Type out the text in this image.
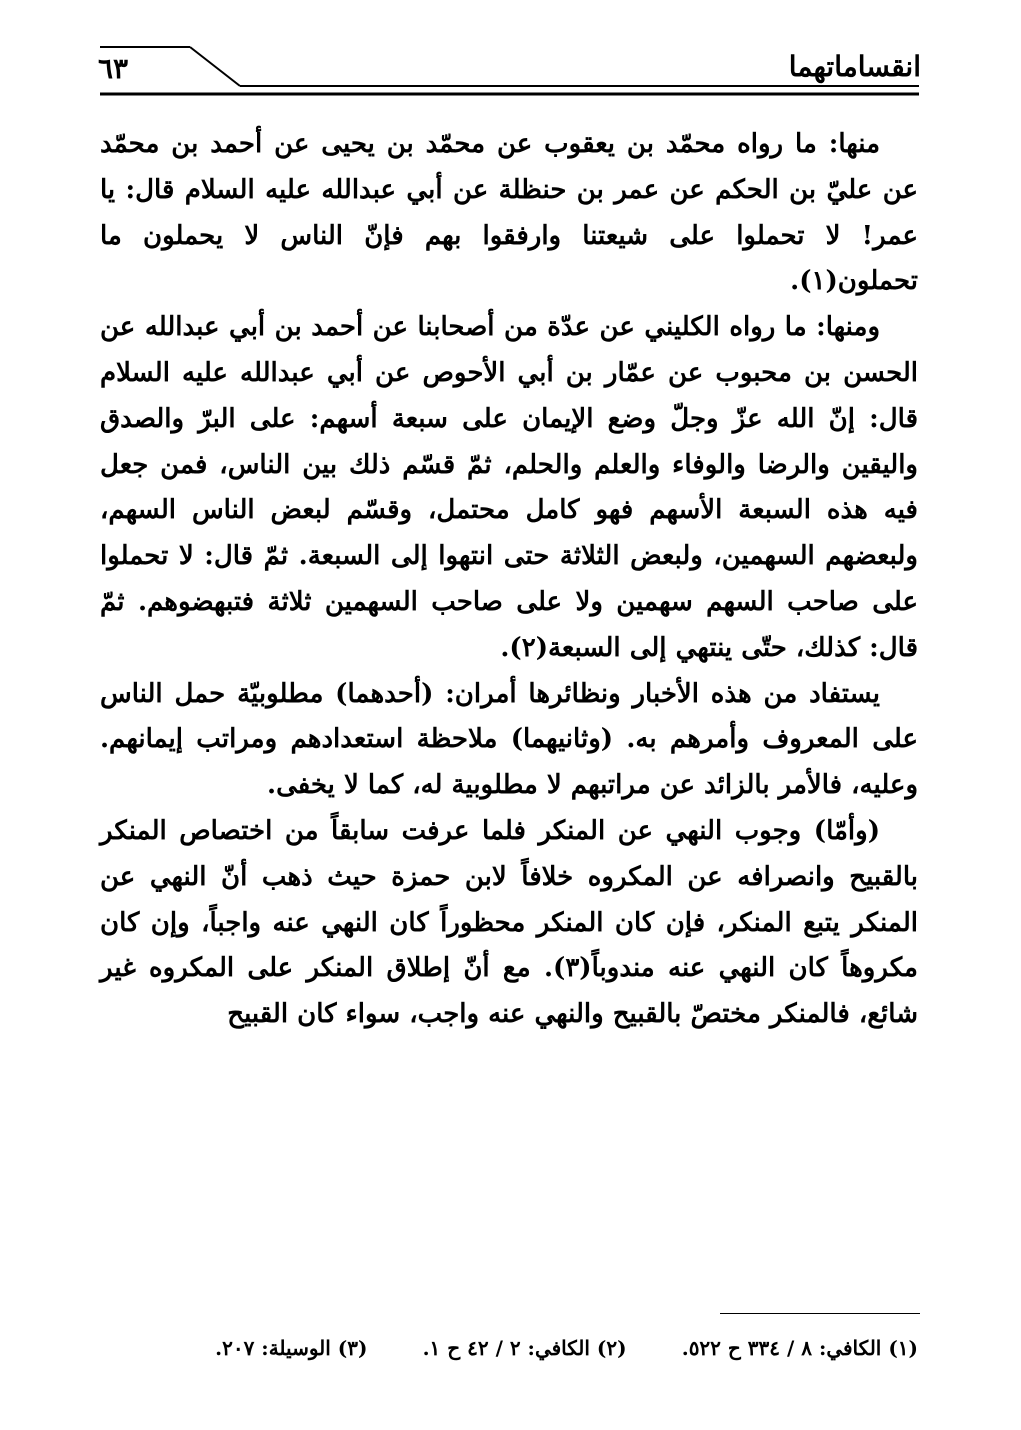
٦٣	انقساماتهما

منها: ما رواه محمّد بن يعقوب عن محمّد بن يحيى عن أحمد بن محمّد عن عليّ بن الحكم عن عمر بن حنظلة عن أبي عبدالله عليه السلام قال: يا عمر! لا تحملوا على شيعتنا وارفقوا بهم فإنّ الناس لا يحملون ما تحملون(١).

ومنها: ما رواه الكليني عن عدّة من أصحابنا عن أحمد بن أبي عبدالله عن الحسن بن محبوب عن عمّار بن أبي الأحوص عن أبي عبدالله عليه السلام قال: إنّ الله عزّ وجلّ وضع الإيمان على سبعة أسهم: على البرّ والصدق واليقين والرضا والوفاء والعلم والحلم، ثمّ قسّم ذلك بين الناس، فمن جعل فيه هذه السبعة الأسهم فهو كامل محتمل، وقسّم لبعض الناس السهم، ولبعضهم السهمين، ولبعض الثلاثة حتى انتهوا إلى السبعة. ثمّ قال: لا تحملوا على صاحب السهم سهمين ولا على صاحب السهمين ثلاثة فتبهضوهم. ثمّ قال: كذلك، حتّى ينتهي إلى السبعة(٢).

يستفاد من هذه الأخبار ونظائرها أمران: (أحدهما) مطلوبيّة حمل الناس على المعروف وأمرهم به. (وثانيهما) ملاحظة استعدادهم ومراتب إيمانهم. وعليه، فالأمر بالزائد عن مراتبهم لا مطلوبية له، كما لا يخفى.

(وأمّا) وجوب النهي عن المنكر فلما عرفت سابقاً من اختصاص المنكر بالقبيح وانصرافه عن المكروه خلافاً لابن حمزة حيث ذهب أنّ النهي عن المنكر يتبع المنكر، فإن كان المنكر محظوراً كان النهي عنه واجباً، وإن كان مكروهاً كان النهي عنه مندوباً(٣). مع أنّ إطلاق المنكر على المكروه غير شائع، فالمنكر مختصّ بالقبيح والنهي عنه واجب، سواء كان القبيح

(١) الكافي: ٨ / ٣٣٤ ح ٥٢٢.
(٢) الكافي: ٢ / ٤٢ ح ١.
(٣) الوسيلة: ٢٠٧.
